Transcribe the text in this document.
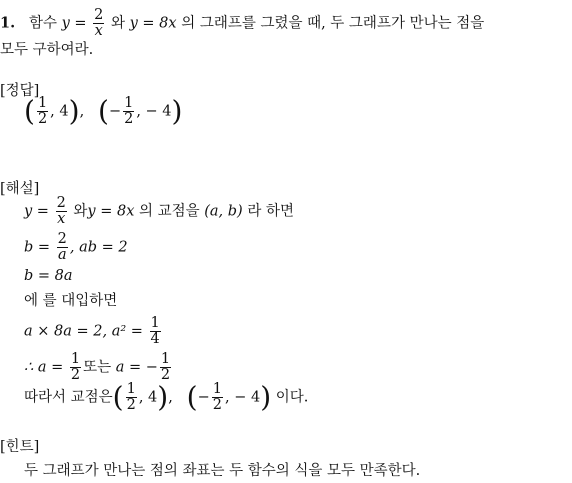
1. 함수 $y = \frac{2}{x}$ 와 y = 8x 의 그래프를 그렸을 때, 두 그래프가 만나는 점을
모두 구하여라.
[정답]
( $\frac{1}{2}$ , 4), (− $\frac{1}{2}$ , − 4)
[해설]
$y = \frac{2}{x}$ 와y = 8x 의 교점을 (a, b) 라 하면
$b = \frac{2}{a}$ , ab = 2
b = 8a
에 를 대입하면
a × 8a = 2, $a^2 = \frac{1}{4}$
∴ $a = \frac{1}{2}$ 또는 a = − $\frac{1}{2}$
따라서 교점은( $\frac{1}{2}$ , 4), (− $\frac{1}{2}$ , − 4) 이다.
[힌트]
두 그래프가 만나는 점의 좌표는 두 함수의 식을 모두 만족한다.
